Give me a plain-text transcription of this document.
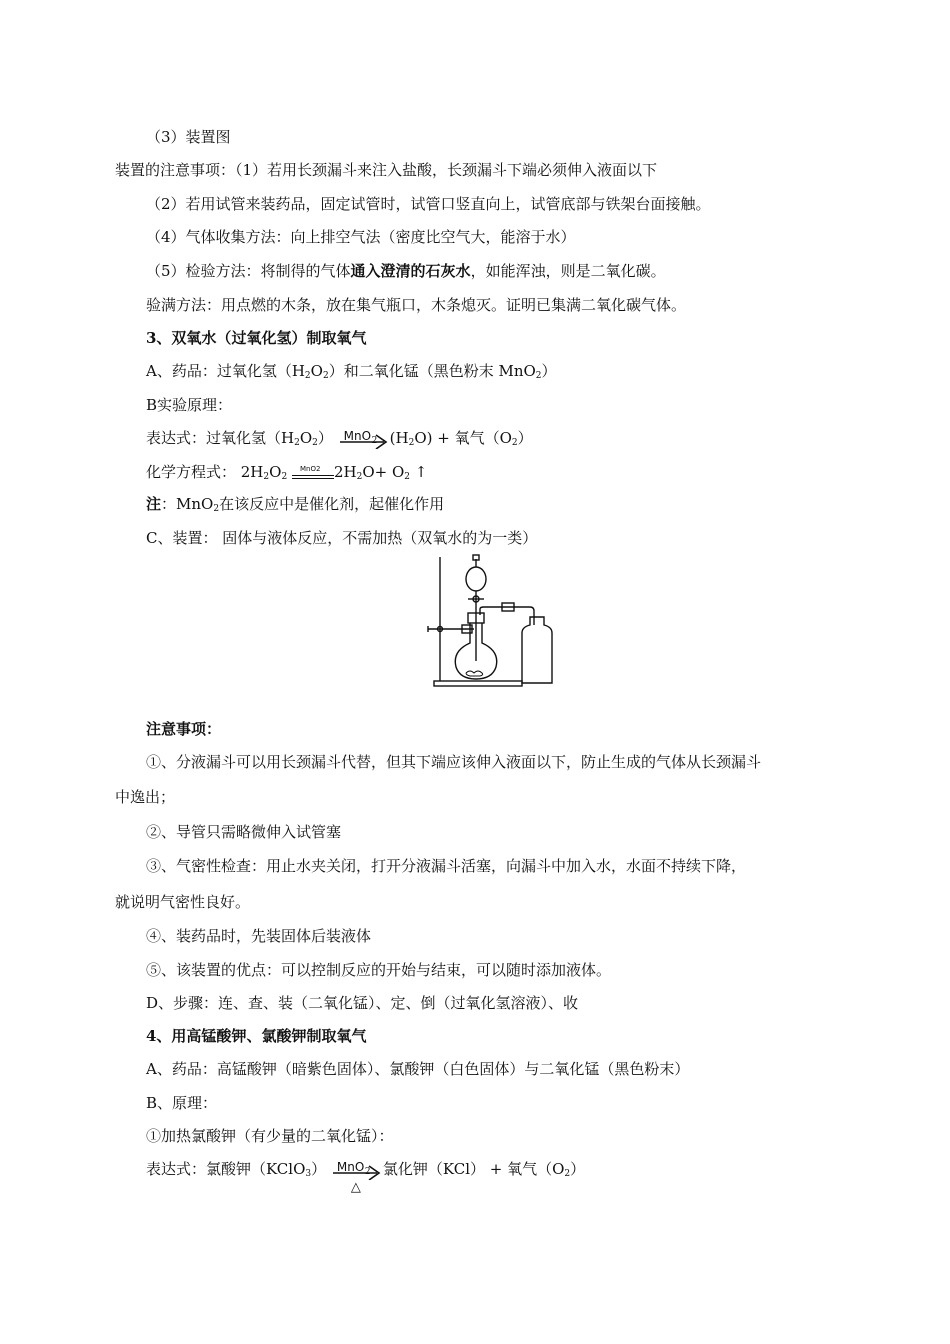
（3）装置图
装置的注意事项：（1）若用长颈漏斗来注入盐酸，长颈漏斗下端必须伸入液面以下
（2）若用试管来装药品，固定试管时，试管口竖直向上，试管底部与铁架台面接触。
（4）气体收集方法：向上排空气法（密度比空气大，能溶于水）
（5）检验方法：将制得的气体通入澄清的石灰水，如能浑浊，则是二氧化碳。
验满方法：用点燃的木条，放在集气瓶口，木条熄灭。证明已集满二氧化碳气体。
3、双氧水（过氧化氢）制取氧气
A、药品：过氧化氢$(H_2O_2)$和二氧化锰（黑色粉末 MnO$_2$）
B实验原理：
表达式：过氧化氢$(H_2O_2)$ MnO 2 $(H_2O)$ + 氧气$(O_2)$
化学方程式： $2H_2O_2$
MnO2 $2H_2O+ O_2$ ↑
注：MnO$_2$在该反应中是催化剂，起催化作用
C、装置： 固体与液体反应，不需加热（双氧水的为一类）
注意事项：
①、分液漏斗可以用长颈漏斗代替，但其下端应该伸入液面以下，防止生成的气体从长颈漏斗
中逸出；
②、导管只需略微伸入试管塞
③、气密性检查：用止水夹关闭，打开分液漏斗活塞，向漏斗中加入水，水面不持续下降，
就说明气密性良好。
④、装药品时，先装固体后装液体
⑤、该装置的优点：可以控制反应的开始与结束，可以随时添加液体。
D、步骤：连、查、装（二氧化锰）、定、倒（过氧化氢溶液）、收
4、用高锰酸钾、氯酸钾制取氧气
A、药品：高锰酸钾（暗紫色固体）、氯酸钾（白色固体）与二氧化锰（黑色粉末）
B、原理：
①加热氯酸钾（有少量的二氧化锰）：
表达式：氯酸钾（KClO$_3$） MnO 2
△
氯化钾（KCl） + 氧气$(O_2)$
